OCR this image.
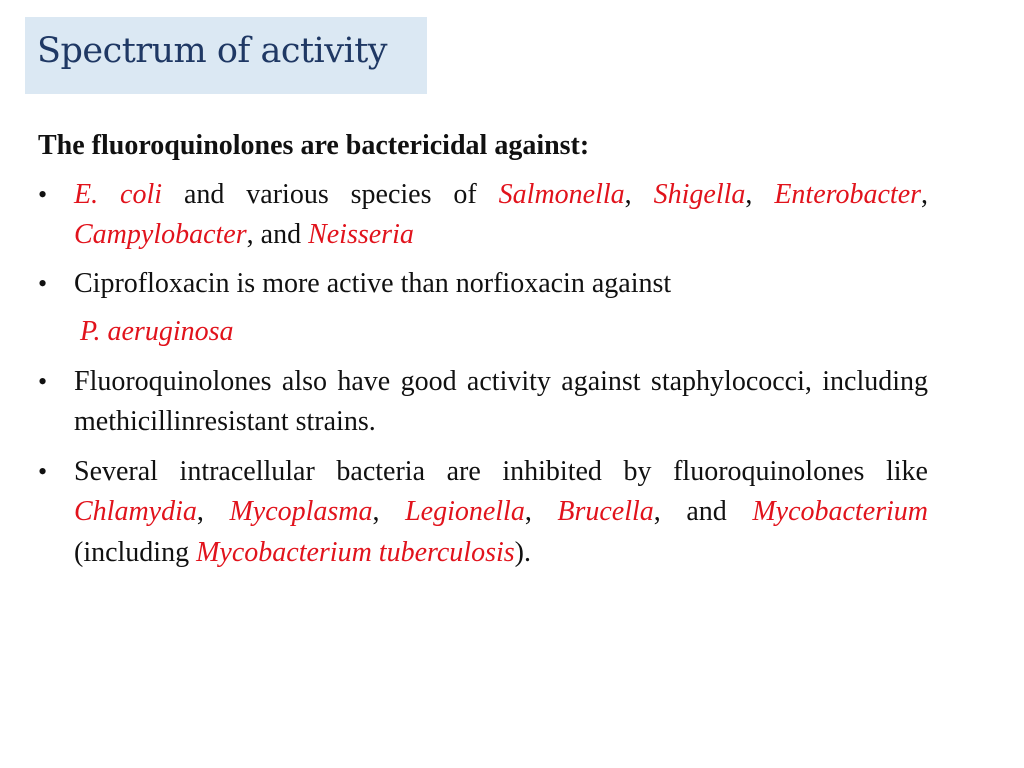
Spectrum of activity
The fluoroquinolones are bactericidal against:
• E. coli and various species of Salmonella, Shigella, Enterobacter, Campylobacter, and Neisseria
• Ciprofloxacin is more active than norfioxacin against
P. aeruginosa
• Fluoroquinolones also have good activity against staphylococci, including methicillinresistant strains.
• Several intracellular bacteria are inhibited by fluoroquinolones like Chlamydia, Mycoplasma, Legionella, Brucella, and Mycobacterium (including Mycobacterium tuberculosis).
